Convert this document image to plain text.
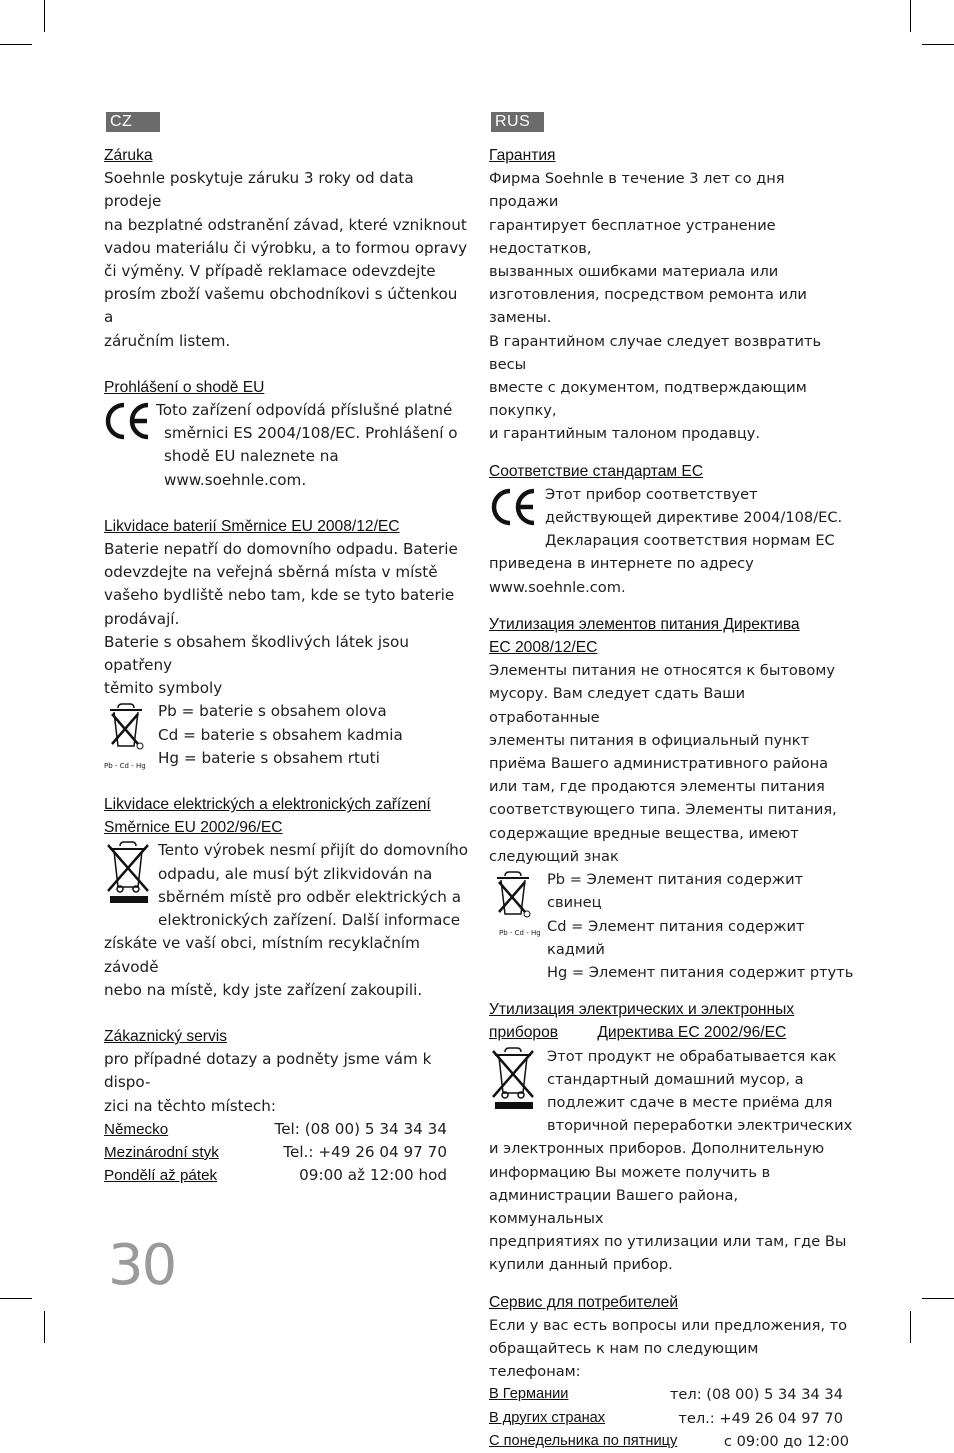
CZ
Záruka
Soehnle poskytuje záruku 3 roky od data prodeje
na bezplatné odstranění závad, které vzniknout
vadou materiálu či výrobku, a to formou opravy
či výměny. V případě reklamace odevzdejte
prosím zboží vašemu obchodníkovi s účtenkou a
záručním listem.
Prohlášení o shodě EU
Toto zařízení odpovídá příslušné platné
směrnici ES 2004/108/EC. Prohlášení o
shodě EU naleznete na
www.soehnle.com.
Likvidace baterií Směrnice EU 2008/12/EC
Baterie nepatří do domovního odpadu. Baterie
odevzdejte na veřejná sběrná místa v místě
vašeho bydliště nebo tam, kde se tyto baterie
prodávají.
Baterie s obsahem škodlivých látek jsou opatřeny
těmito symboly
Pb - Cd - Hg
Pb = baterie s obsahem olova
Cd = baterie s obsahem kadmia
Hg = baterie s obsahem rtuti
Likvidace elektrických a elektronických zařízení
Směrnice EU 2002/96/EC
Tento výrobek nesmí přijít do domovního
odpadu, ale musí být zlikvidován na
sběrném místě pro odběr elektrických a
elektronických zařízení. Další informace
získáte ve vaší obci, místním recyklačním závodě
nebo na místě, kdy jste zařízení zakoupili.
Zákaznický servis
pro případné dotazy a podněty jsme vám k dispo-
zici na těchto místech:
Německo	Tel: (08 00) 5 34 34 34
Mezinárodní styk	Tel.: +49 26 04 97 70
Pondělí až pátek	09:00 až 12:00 hod
RUS
Гарантия
Фирма Soehnle в течение 3 лет со дня продажи
гарантирует бесплатное устранение недостатков,
вызванных ошибками материала или
изготовления, посредством ремонта или замены.
В гарантийном случае следует возвратить весы
вместе с документом, подтверждающим покупку,
и гарантийным талоном продавцу.
Соответствие стандартам ЕС
Этот прибор соответствует
действующей директиве 2004/108/EC.
Декларация соответствия нормам ЕС
приведена в интернете по адресу
www.soehnle.com.
Утилизация элементов питания Директива
ЕС 2008/12/EC
Элементы питания не относятся к бытовому
мусору. Вам следует сдать Ваши отработанные
элементы питания в официальный пункт
приёма Вашего административного района
или там, где продаются элементы питания
соответствующего типа. Элементы питания,
содержащие вредные вещества, имеют
следующий знак
Pb - Cd - Hg
Pb = Элемент питания содержит свинец
Cd = Элемент питания содержит кадмий
Hg = Элемент питания содержит ртуть
Утилизация электрических и электронных
приборов	Директива ЕС 2002/96/EC
Этот продукт не обрабатывается как
стандартный домашний мусор, а
подлежит сдаче в месте приёма для
вторичной переработки электрических
и электронных приборов. Дополнительную
информацию Вы можете получить в
администрации Вашего района, коммунальных
предприятиях по утилизации или там, где Вы
купили данный прибор.
Сервис для потребителей
Если у вас есть вопросы или предложения, то
обращайтесь к нам по следующим телефонам:
В Германии	тел: (08 00) 5 34 34 34
В других странах	тел.: +49 26 04 97 70
С понедельника по пятницу	с 09:00 до 12:00
30
